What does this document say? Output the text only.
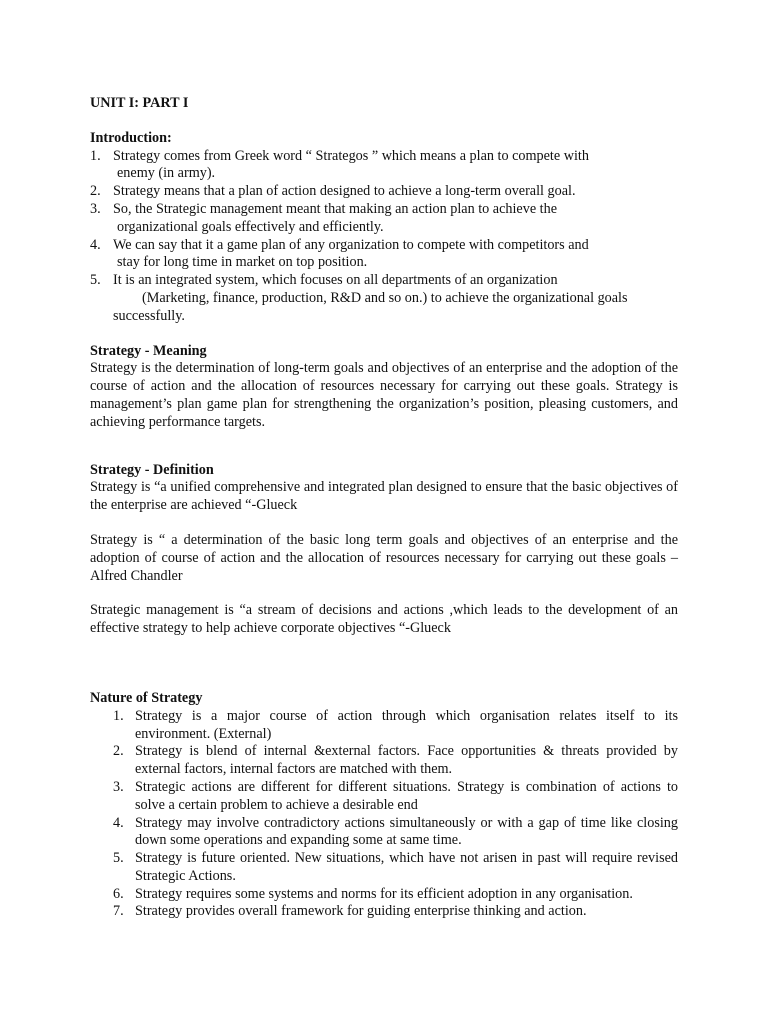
UNIT I: PART I

Introduction:

1. Strategy comes from Greek word “ Strategos ” which means a plan to compete with
enemy (in army).
2. Strategy means that a plan of action designed to achieve a long-term overall goal.
3. So, the Strategic management meant that making an action plan to achieve the
organizational goals effectively and efficiently.
4. We can say that it a game plan of any organization to compete with competitors and
stay for long time in market on top position.
5. It is an integrated system, which focuses on all departments of an organization
(Marketing, finance, production, R&D and so on.) to achieve the organizational goals
successfully.

Strategy - Meaning

Strategy is the determination of long-term goals and objectives of an enterprise and the adoption of the course of action and the allocation of resources necessary for carrying out these goals. Strategy is management’s plan game plan for strengthening the organization’s position, pleasing customers, and achieving performance targets.

Strategy - Definition

Strategy is “a unified comprehensive and integrated plan designed to ensure that the basic objectives of the enterprise are achieved “-Glueck

Strategy is “ a determination of the basic long term goals and objectives of an enterprise and the adoption of course of action and the allocation of resources necessary for carrying out these goals – Alfred Chandler

Strategic management is “a stream of decisions and actions ,which leads to the development of an effective strategy to help achieve corporate objectives “-Glueck

Nature of Strategy

1. Strategy is a major course of action through which organisation relates itself to its environment. (External)
2. Strategy is blend of internal &external factors. Face opportunities & threats provided by external factors, internal factors are matched with them.
3. Strategic actions are different for different situations. Strategy is combination of actions to solve a certain problem to achieve a desirable end
4. Strategy may involve contradictory actions simultaneously or with a gap of time like closing down some operations and expanding some at same time.
5. Strategy is future oriented. New situations, which have not arisen in past will require revised Strategic Actions.
6. Strategy requires some systems and norms for its efficient adoption in any organisation.
7. Strategy provides overall framework for guiding enterprise thinking and action.
